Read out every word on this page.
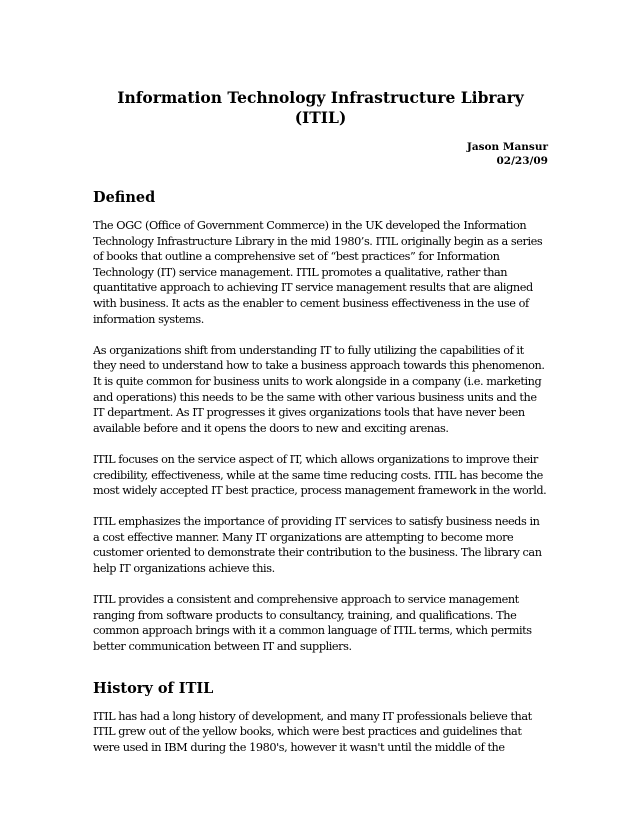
Information Technology Infrastructure Library (ITIL)
Jason Mansur
02/23/09
Defined

The OGC (Office of Government Commerce) in the UK developed the Information Technology Infrastructure Library in the mid 1980’s. ITIL originally begin as a series of books that outline a comprehensive set of “best practices” for Information Technology (IT) service management. ITIL promotes a qualitative, rather than quantitative approach to achieving IT service management results that are aligned with business. It acts as the enabler to cement business effectiveness in the use of information systems.

As organizations shift from understanding IT to fully utilizing the capabilities of it they need to understand how to take a business approach towards this phenomenon. It is quite common for business units to work alongside in a company (i.e. marketing and operations) this needs to be the same with other various business units and the IT department. As IT progresses it gives organizations tools that have never been available before and it opens the doors to new and exciting arenas.

ITIL focuses on the service aspect of IT, which allows organizations to improve their credibility, effectiveness, while at the same time reducing costs. ITIL has become the most widely accepted IT best practice, process management framework in the world.

ITIL emphasizes the importance of providing IT services to satisfy business needs in a cost effective manner. Many IT organizations are attempting to become more customer oriented to demonstrate their contribution to the business. The library can help IT organizations achieve this.

ITIL provides a consistent and comprehensive approach to service management ranging from software products to consultancy, training, and qualifications. The common approach brings with it a common language of ITIL terms, which permits better communication between IT and suppliers.

History of ITIL

ITIL has had a long history of development, and many IT professionals believe that ITIL grew out of the yellow books, which were best practices and guidelines that were used in IBM during the 1980's, however it wasn't until the middle of the
